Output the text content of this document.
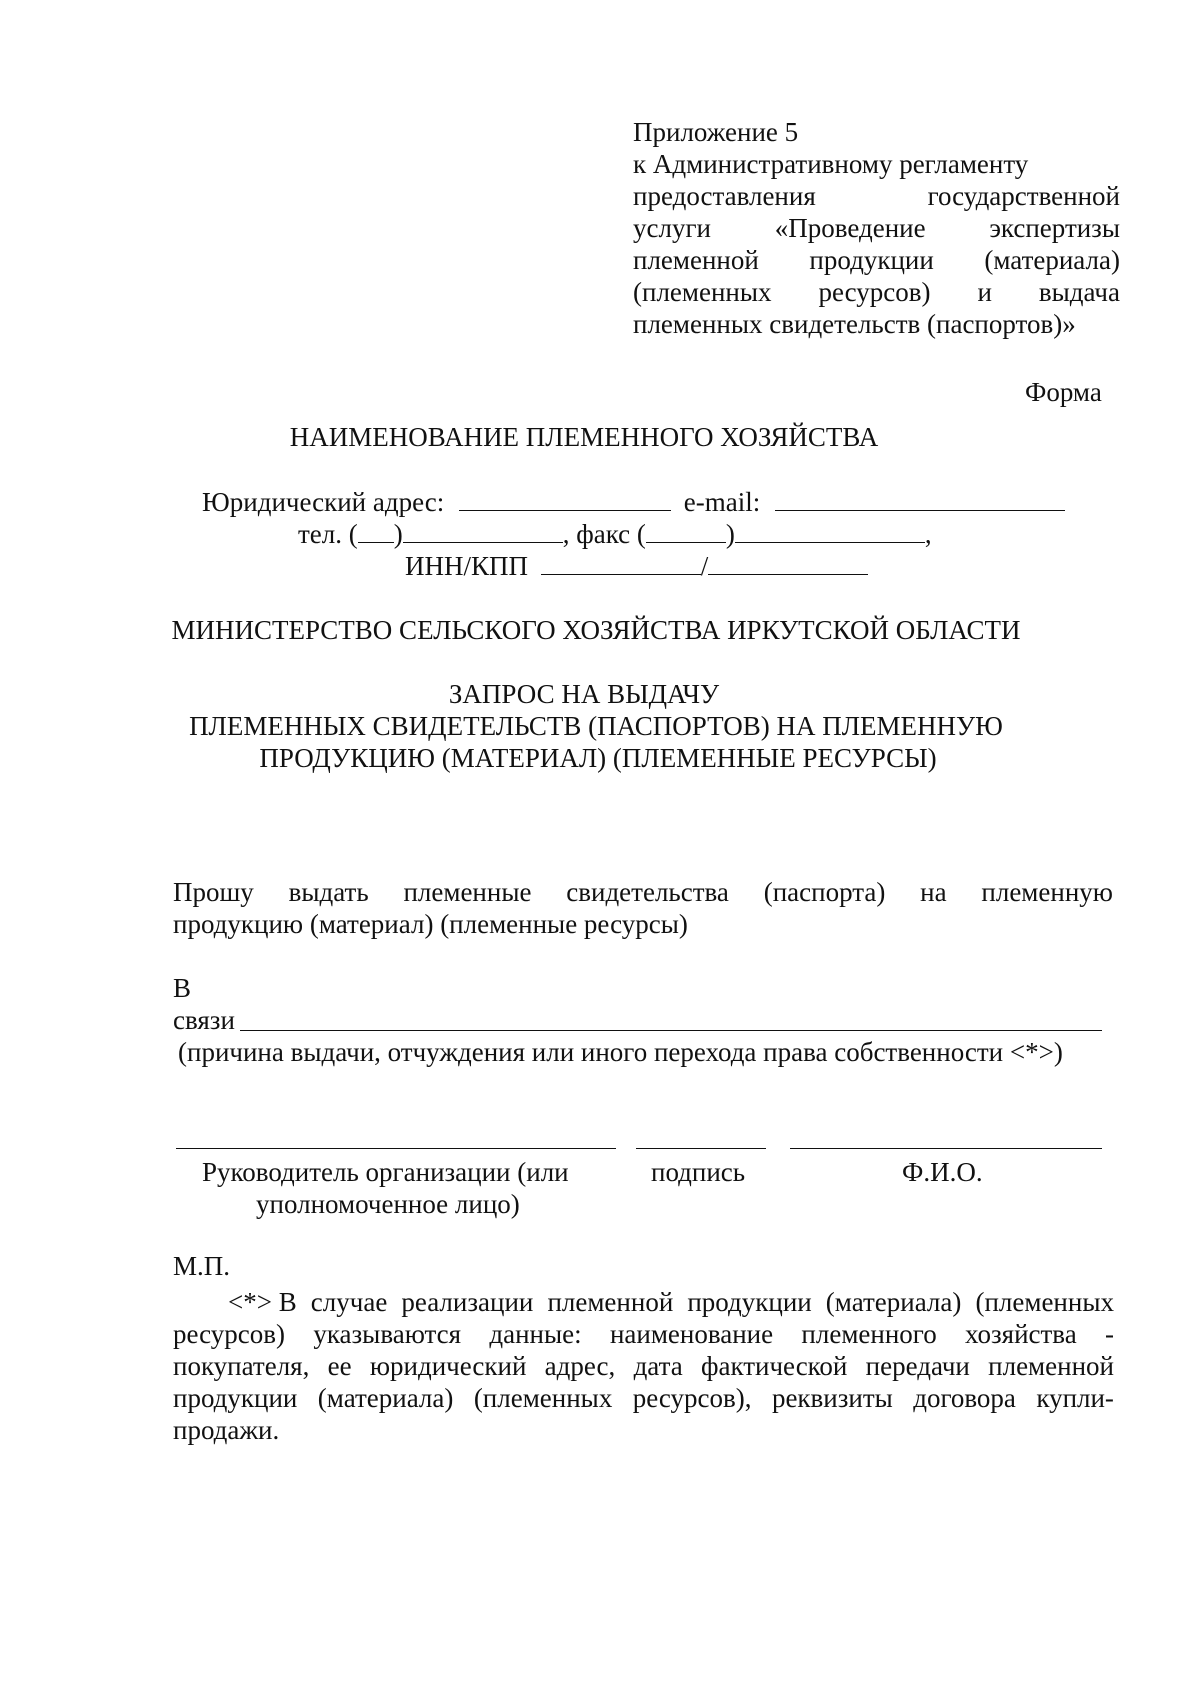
Приложение 5
к Административному регламенту
предоставления	государственной
услуги «Проведение экспертизы
племенной продукции (материала)
(племенных ресурсов) и выдача
племенных свидетельств (паспортов)»
Форма
НАИМЕНОВАНИЕ ПЛЕМЕННОГО ХОЗЯЙСТВА
Юридический адрес:	e-mail:
тел. ( )	, факс (	)	,
ИНН/КПП	/
МИНИСТЕРСТВО СЕЛЬСКОГО ХОЗЯЙСТВА ИРКУТСКОЙ ОБЛАСТИ
ЗАПРОС НА ВЫДАЧУ
ПЛЕМЕННЫХ СВИДЕТЕЛЬСТВ (ПАСПОРТОВ) НА ПЛЕМЕННУЮ
ПРОДУКЦИЮ (МАТЕРИАЛ) (ПЛЕМЕННЫЕ РЕСУРСЫ)
Прошу выдать племенные свидетельства (паспорта) на племенную
продукцию (материал) (племенные ресурсы)
В
связи
(причина выдачи, отчуждения или иного перехода права собственности <*>)
Руководитель организации (или
уполномоченное лицо)
подпись	Ф.И.О.
М.П.
<*> В случае реализации племенной продукции (материала) (племенных
ресурсов) указываются данные: наименование племенного хозяйства -
покупателя, ее юридический адрес, дата фактической передачи племенной
продукции (материала) (племенных ресурсов), реквизиты договора купли-
продажи.
